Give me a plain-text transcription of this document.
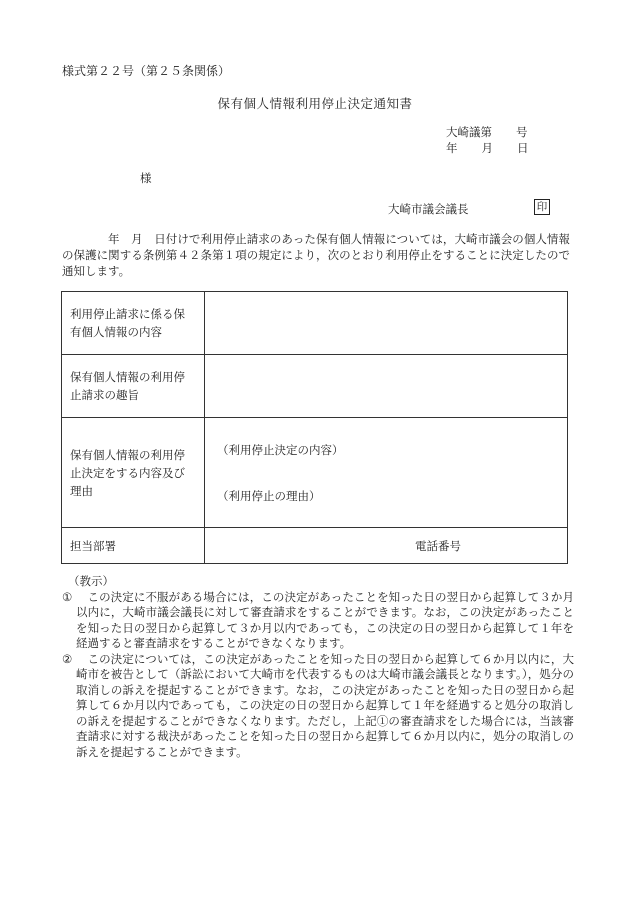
様式第２２号（第２５条関係）
保有個人情報利用停止決定通知書
大崎議第 号
年 月 日
様
大崎市議会議長	印
年　月　日付けで利用停止請求のあった保有個人情報については，大崎市議会の個人情報の保護に関する条例第４２条第１項の規定により，次のとおり利用停止をすることに決定したので通知します。
利用停止請求に係る保有個人情報の内容	
保有個人情報の利用停止請求の趣旨	
保有個人情報の利用停止決定をする内容及び理由	（利用停止決定の内容）
（利用停止の理由）

担当部署	電話番号
（教示）
①	この決定に不服がある場合には，この決定があったことを知った日の翌日から起算して３か月以内に，大崎市議会議長に対して審査請求をすることができます。なお，この決定があったことを知った日の翌日から起算して３か月以内であっても，この決定の日の翌日から起算して１年を経過すると審査請求をすることができなくなります。
②	この決定については，この決定があったことを知った日の翌日から起算して６か月以内に，大崎市を被告として（訴訟において大崎市を代表するものは大崎市議会議長となります。），処分の取消しの訴えを提起することができます。なお，この決定があったことを知った日の翌日から起算して６か月以内であっても，この決定の日の翌日から起算して１年を経過すると処分の取消しの訴えを提起することができなくなります。ただし，上記①の審査請求をした場合には，当該審査請求に対する裁決があったことを知った日の翌日から起算して６か月以内に，処分の取消しの訴えを提起することができます。
